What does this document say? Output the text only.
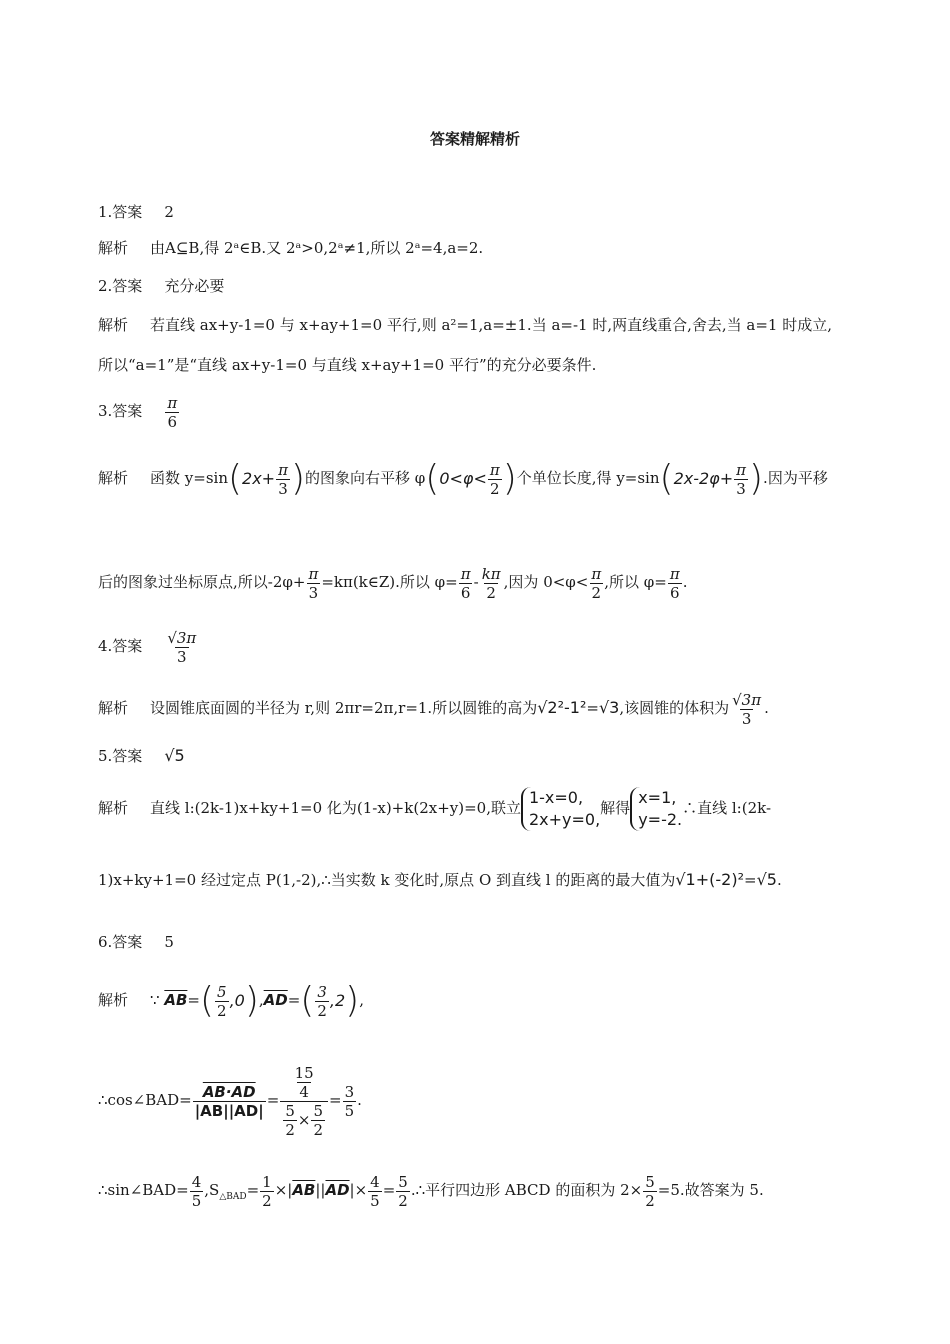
答案精解精析
1.答案 2
解析 由A⊆B,得 2ᵃ∈B.又 2ᵃ>0,2ᵃ≠1,所以 2ᵃ=4,a=2.
2.答案 充分必要
解析 若直线 ax+y-1=0 与 x+ay+1=0 平行,则 a²=1,a=±1.当 a=-1 时,两直线重合,舍去,当 a=1 时成立,
所以“a=1”是“直线 ax+y-1=0 与直线 x+ay+1=0 平行”的充分必要条件.
3.答案 $\frac{\pi}{6}$
解析 函数 y=sin ( $2x+ \frac{\pi}{3}$ ) 的图象向右平移 φ ( $0<\varphi< \frac{\pi}{2}$ ) 个单位长度,得 y=sin ( $2x-2\varphi+ \frac{\pi}{3}$ ) .因为平移
后的图象过坐标原点,所以$-2\varphi+ \frac{\pi}{3}$ =kπ(k∈Z).所以 $\varphi= \frac{\pi}{6} - \frac{k\pi}{2}$ ,因为 $0<\varphi< \frac{\pi}{2}$ ,所以 $\varphi= \frac{\pi}{6}$ .
4.答案 $\frac{√3\pi}{3}$
解析 设圆锥底面圆的半径为 r,则 2πr=2π,r=1.所以圆锥的高为√2²-1²=√3,该圆锥的体积为 $\frac{√3\pi}{3}$ .
5.答案 √5
解析 直线 l:(2k-1)x+ky+1=0 化为(1-x)+k(2x+y)=0,联立
1-x=0,
2x+y=0,
解得
x=1,
y=-2.
∴直线 l:(2k-
1)x+ky+1=0 经过定点 P(1,-2),∴当实数 k 变化时,原点 O 到直线 l 的距离的最大值为√1+(-2)²=√5.
6.答案 5
解析 ∵ $\overline{AB}=$ ( $\frac{5}{2} ,0$ ) $,\overline{AD}=$ ( $\frac{3}{2} ,2$ ) ,
∴cos∠BAD= $\frac{AB\cdot AD}{|AB||AD|} = 15$
4
$\frac{5}{2} \times \frac{5}{2} = \frac{3}{5}$ .
∴sin∠BAD= $\frac{4}{5} ,S_{\triangle BAD}= \frac{1}{2} \times|\overline{AB}||\overline{AD}|\times \frac{4}{5} = \frac{5}{2}$ .∴平行四边形 ABCD 的面积为 $2\times \frac{5}{2} =5$.故答案为 5.
